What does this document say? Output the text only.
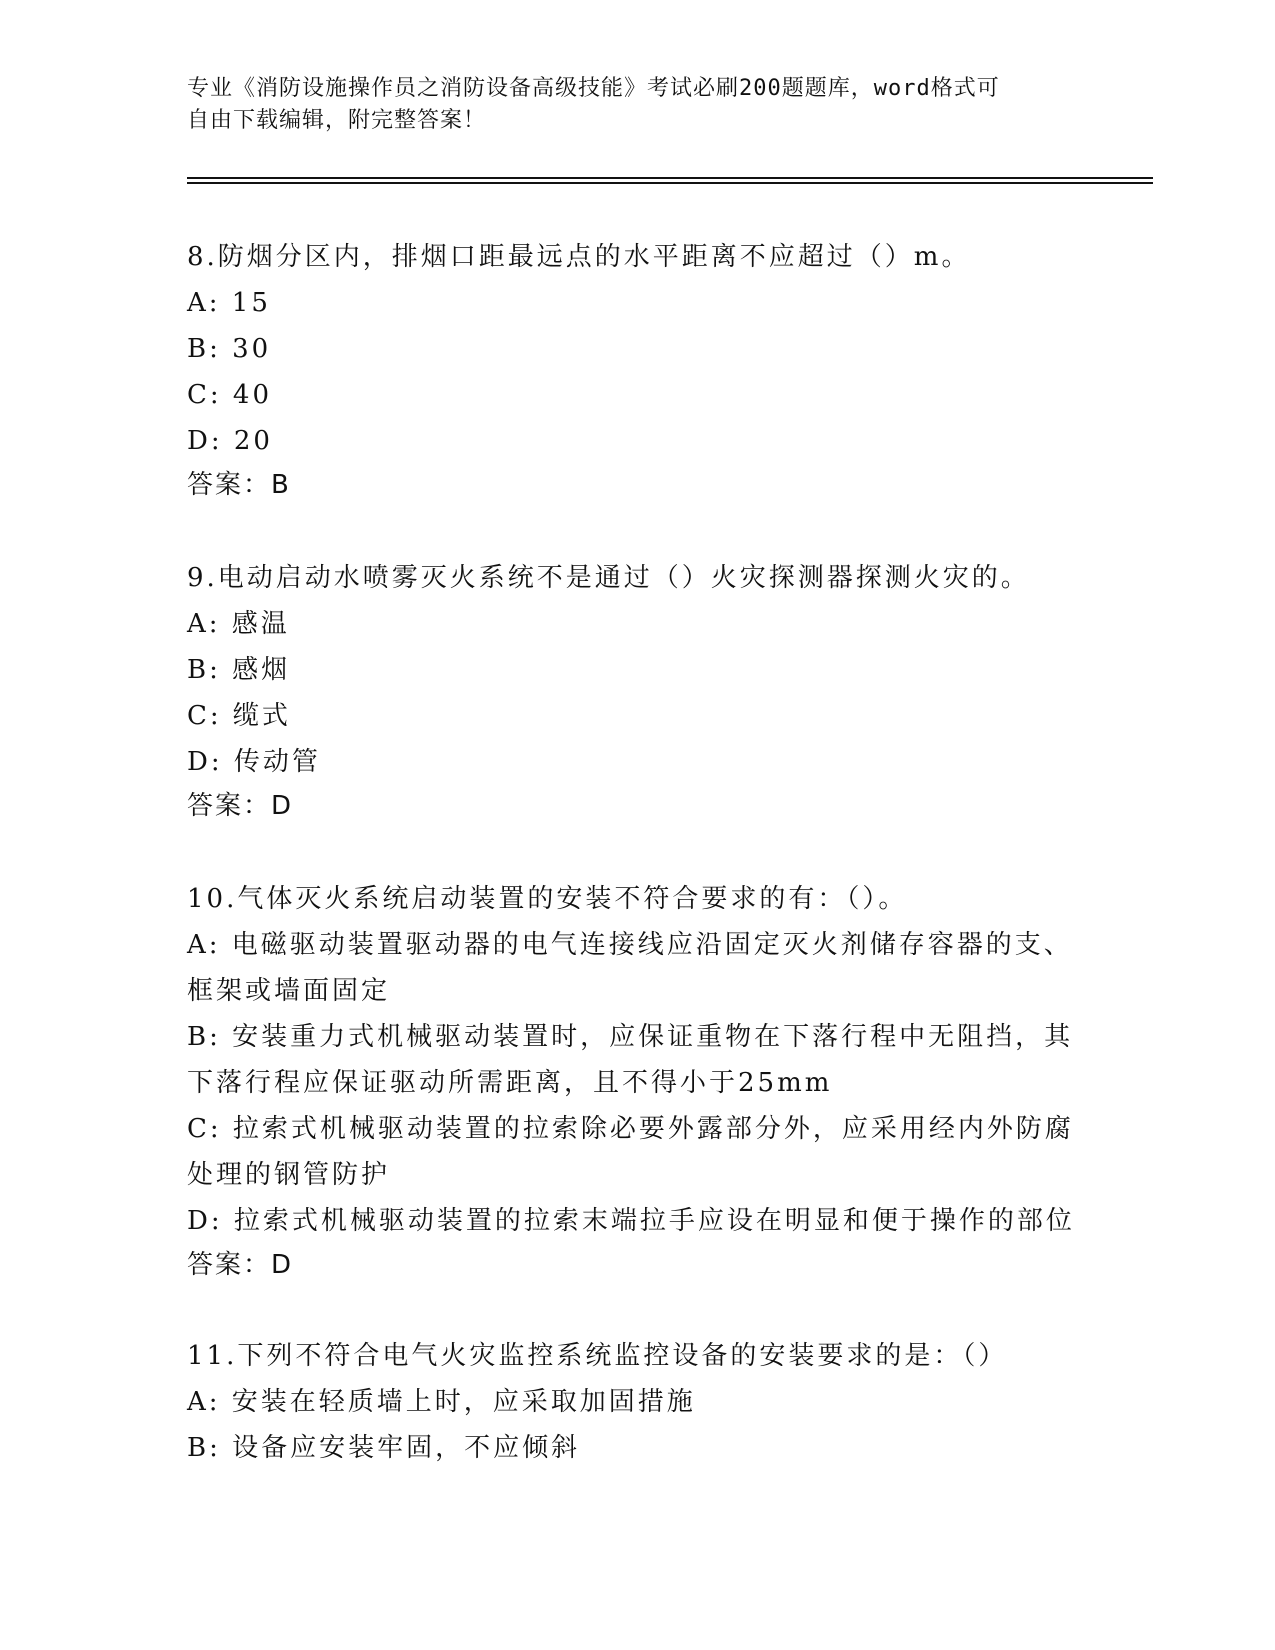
专业《消防设施操作员之消防设备高级技能》考试必刷200题题库，word格式可
自由下载编辑，附完整答案！
8.防烟分区内，排烟口距最远点的水平距离不应超过（）m。
A: 15
B: 30
C: 40
D: 20
答案：B
9.电动启动水喷雾灭火系统不是通过（）火灾探测器探测火灾的。
A: 感温
B: 感烟
C: 缆式
D: 传动管
答案：D
10.气体灭火系统启动装置的安装不符合要求的有：（）。
A: 电磁驱动装置驱动器的电气连接线应沿固定灭火剂储存容器的支、框架或墙面固定
B: 安装重力式机械驱动装置时，应保证重物在下落行程中无阻挡，其下落行程应保证驱动所需距离，且不得小于25mm
C: 拉索式机械驱动装置的拉索除必要外露部分外，应采用经内外防腐处理的钢管防护
D: 拉索式机械驱动装置的拉索末端拉手应设在明显和便于操作的部位
答案：D
11.下列不符合电气火灾监控系统监控设备的安装要求的是：（）
A: 安装在轻质墙上时，应采取加固措施
B: 设备应安装牢固，不应倾斜
